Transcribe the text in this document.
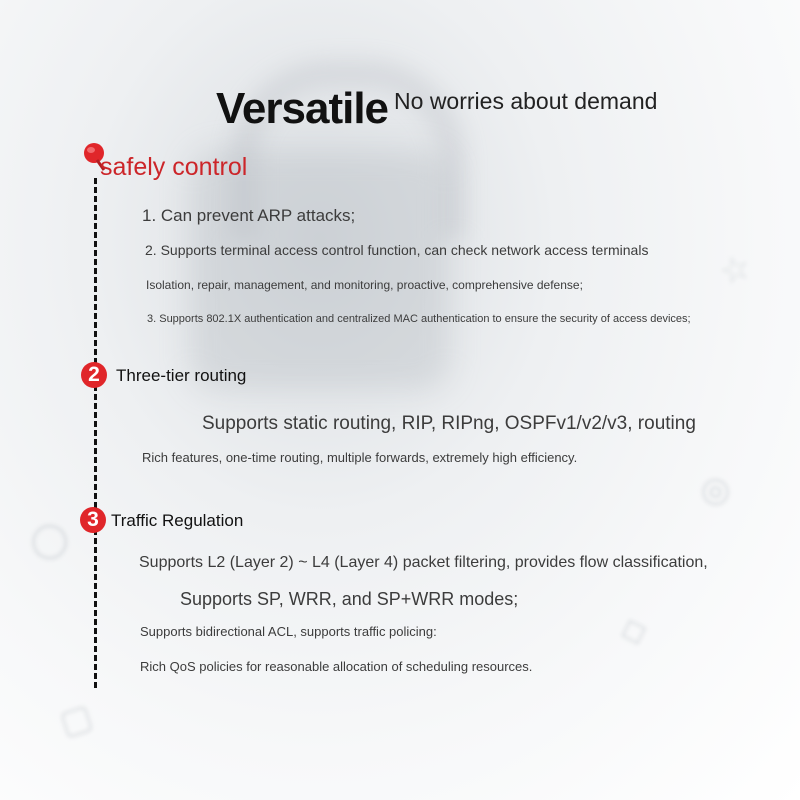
☆
◎
◯
◇
▢
Versatile No worries about demand
safely control
1. Can prevent ARP attacks;
2. Supports terminal access control function, can check network access terminals
Isolation, repair, management, and monitoring, proactive, comprehensive defense;
3. Supports 802.1X authentication and centralized MAC authentication to ensure the security of access devices;
2 Three-tier routing
Supports static routing, RIP, RIPng, OSPFv1/v2/v3, routing
Rich features, one-time routing, multiple forwards, extremely high efficiency.
3 Traffic Regulation
Supports L2 (Layer 2) ~ L4 (Layer 4) packet filtering, provides flow classification,
Supports SP, WRR, and SP+WRR modes;
Supports bidirectional ACL, supports traffic policing:
Rich QoS policies for reasonable allocation of scheduling resources.
